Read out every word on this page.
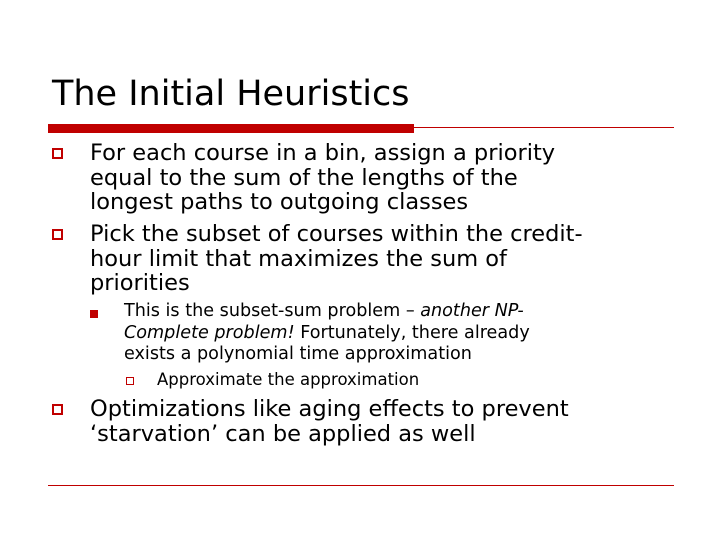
The Initial Heuristics
For each course in a bin, assign a priority
equal to the sum of the lengths of the
longest paths to outgoing classes
Pick the subset of courses within the credit-
hour limit that maximizes the sum of
priorities
This is the subset-sum problem – another NP-
Complete problem! Fortunately, there already
exists a polynomial time approximation
Approximate the approximation
Optimizations like aging effects to prevent
‘starvation’ can be applied as well
